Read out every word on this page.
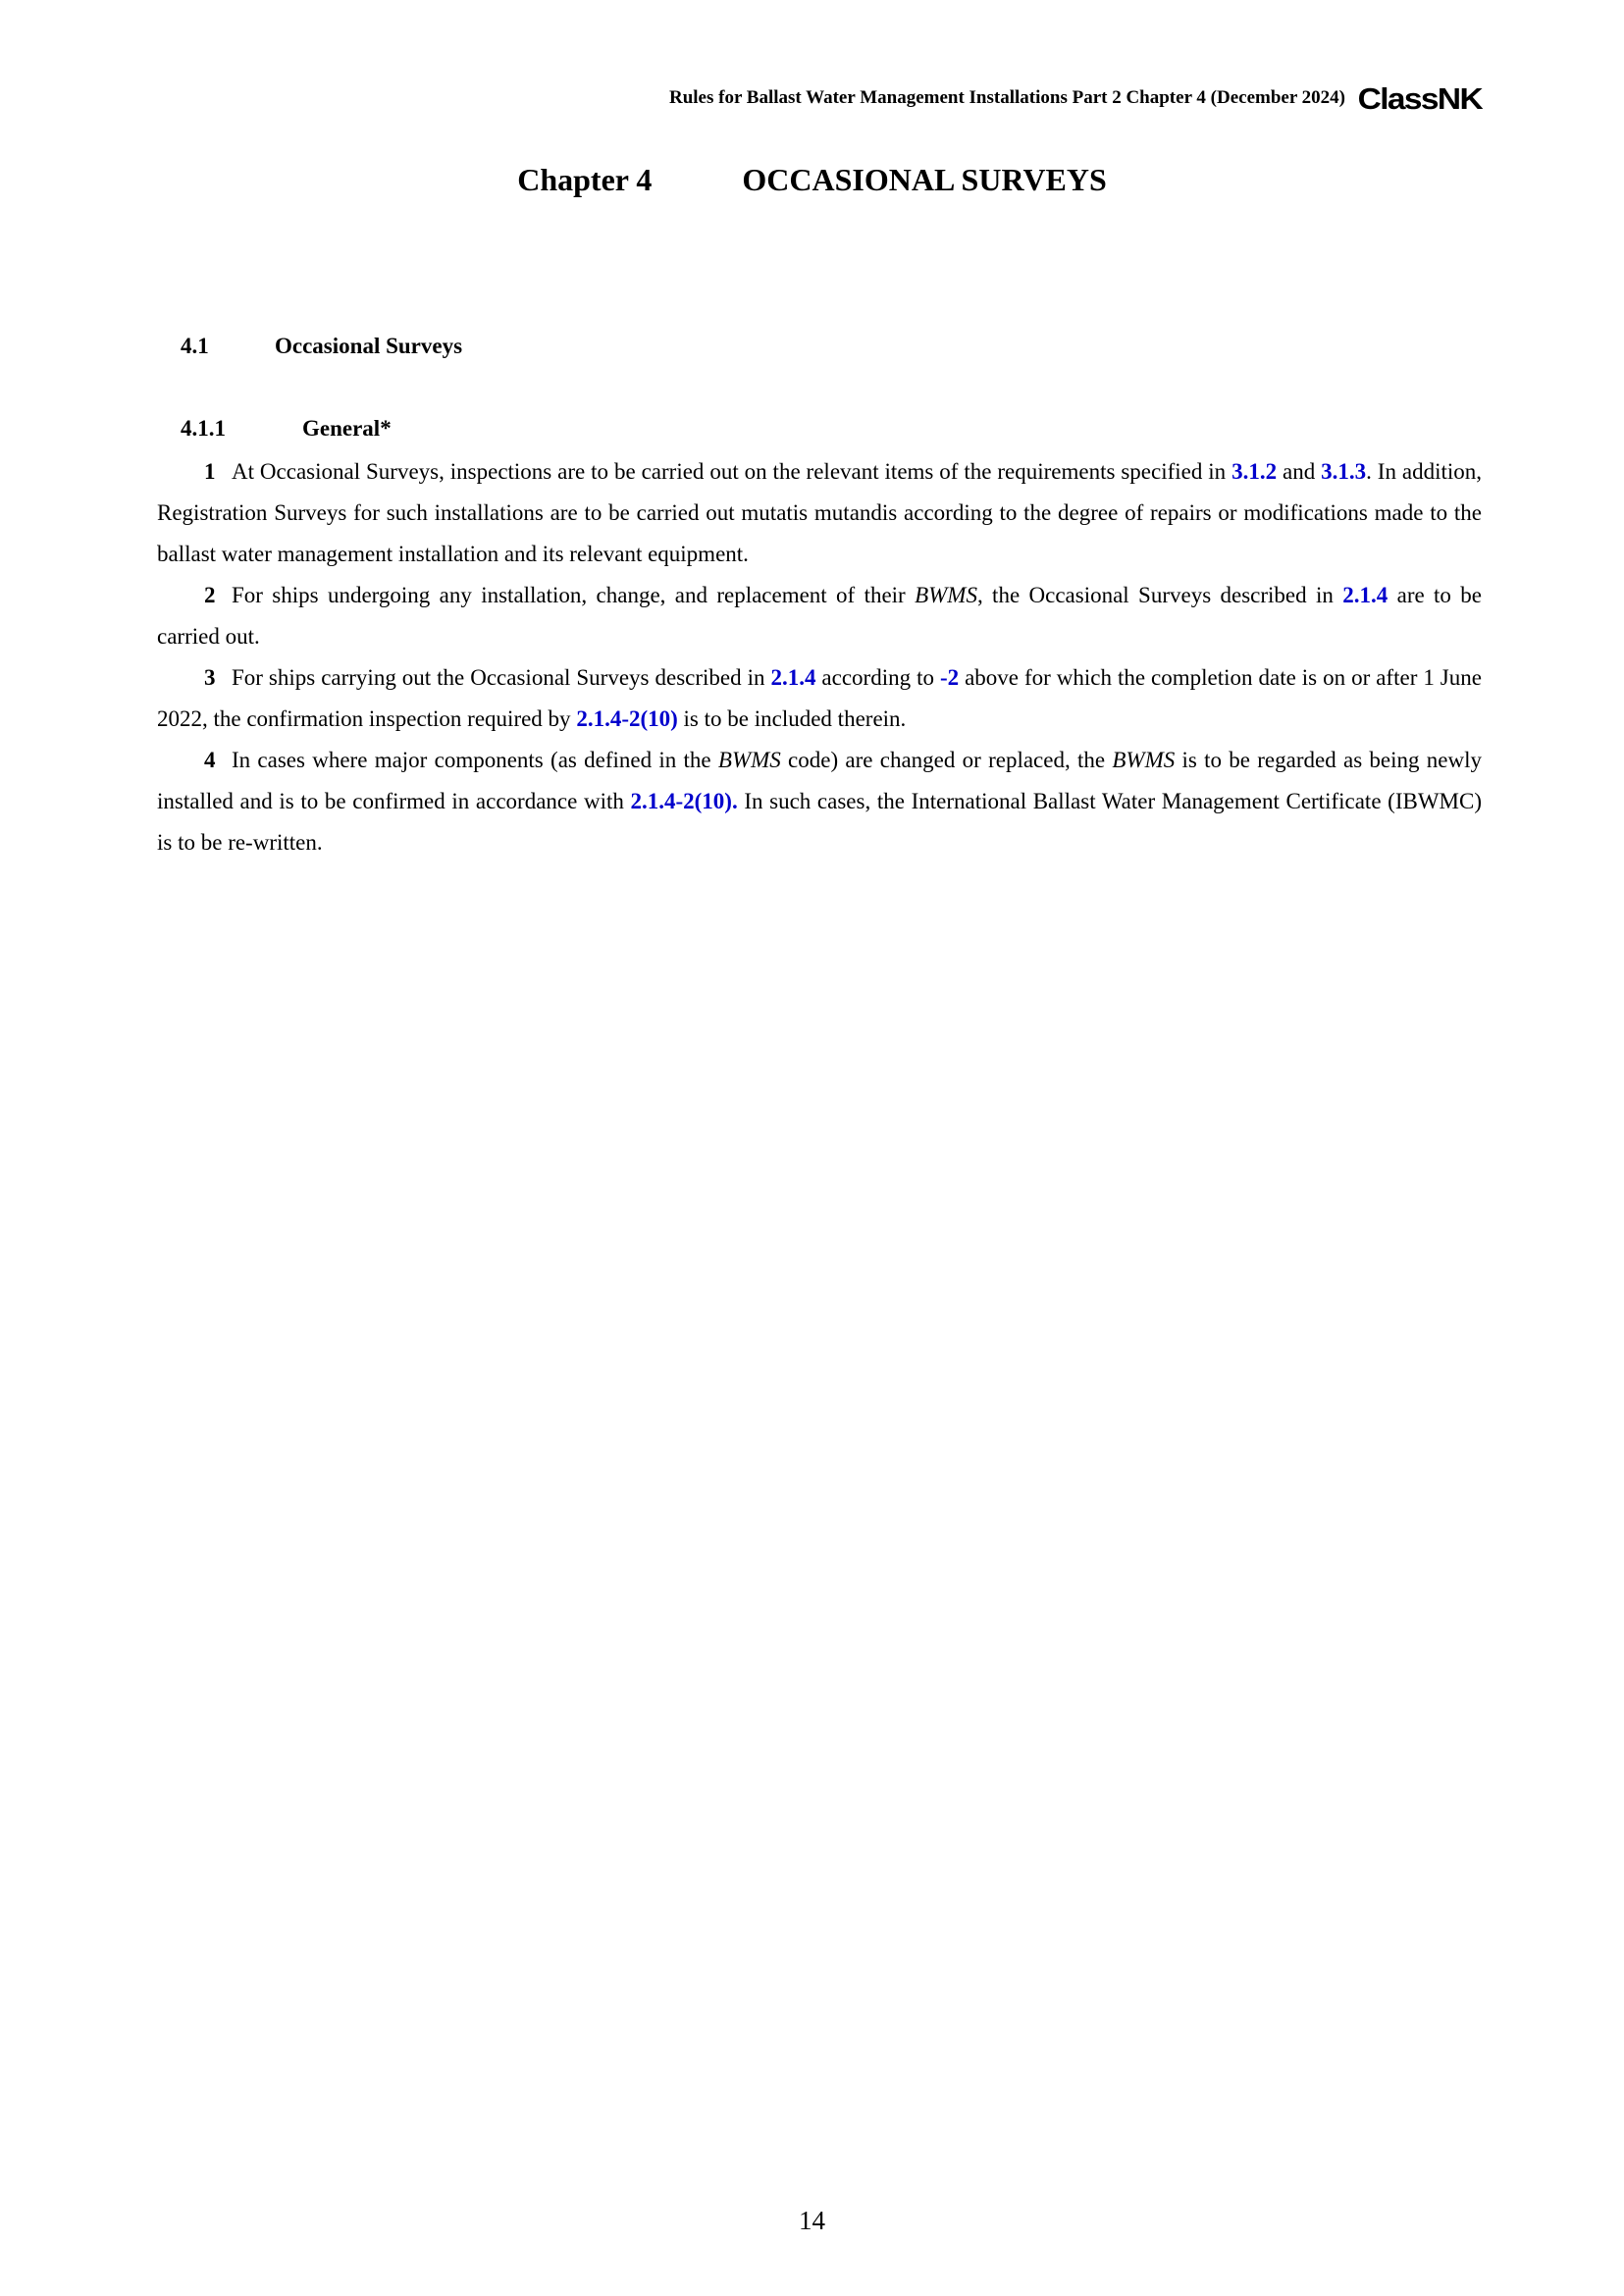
Rules for Ballast Water Management Installations Part 2 Chapter 4 (December 2024) ClassNK
Chapter 4	OCCASIONAL SURVEYS
4.1	Occasional Surveys
4.1.1	General*

1 At Occasional Surveys, inspections are to be carried out on the relevant items of the requirements specified in 3.1.2 and 3.1.3. In addition, Registration Surveys for such installations are to be carried out mutatis mutandis according to the degree of repairs or modifications made to the ballast water management installation and its relevant equipment.

2 For ships undergoing any installation, change, and replacement of their BWMS, the Occasional Surveys described in 2.1.4 are to be carried out.

3 For ships carrying out the Occasional Surveys described in 2.1.4 according to -2 above for which the completion date is on or after 1 June 2022, the confirmation inspection required by 2.1.4-2(10) is to be included therein.

4 In cases where major components (as defined in the BWMS code) are changed or replaced, the BWMS is to be regarded as being newly installed and is to be confirmed in accordance with 2.1.4-2(10). In such cases, the International Ballast Water Management Certificate (IBWMC) is to be re-written.

14
